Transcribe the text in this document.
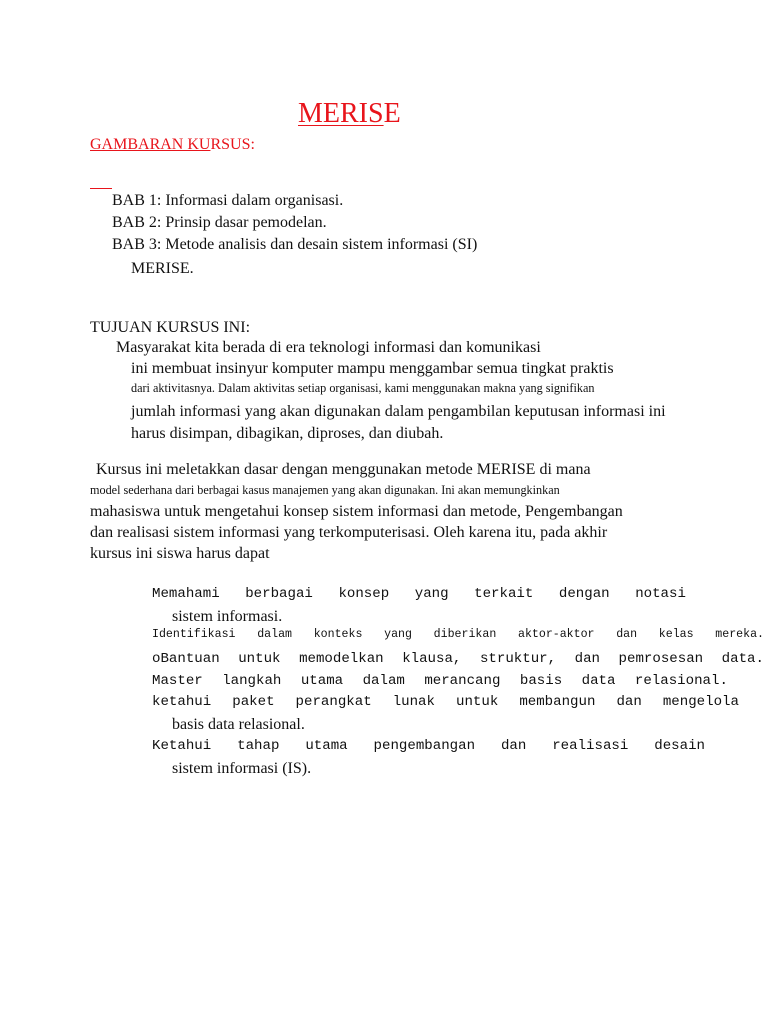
MERISE
GAMBARAN KURSUS:
BAB 1: Informasi dalam organisasi.
BAB 2: Prinsip dasar pemodelan.
BAB 3: Metode analisis dan desain sistem informasi (SI)
MERISE.
TUJUAN KURSUS INI:
Masyarakat kita berada di era teknologi informasi dan komunikasi
ini membuat insinyur komputer mampu menggambar semua tingkat praktis
dari aktivitasnya. Dalam aktivitas setiap organisasi, kami menggunakan makna yang signifikan
jumlah informasi yang akan digunakan dalam pengambilan keputusan informasi ini
harus disimpan, dibagikan, diproses, dan diubah.
Kursus ini meletakkan dasar dengan menggunakan metode MERISE di mana
model sederhana dari berbagai kasus manajemen yang akan digunakan. Ini akan memungkinkan
mahasiswa untuk mengetahui konsep sistem informasi dan metode, Pengembangan
dan realisasi sistem informasi yang terkomputerisasi. Oleh karena itu, pada akhir
kursus ini siswa harus dapat
Memahami berbagai konsep yang terkait dengan notasi
sistem informasi.
Identifikasi dalam konteks yang diberikan aktor-aktor dan kelas mereka.
oBantuan untuk memodelkan klausa, struktur, dan pemrosesan data.
Master langkah utama dalam merancang basis data relasional.
ketahui paket perangkat lunak untuk membangun dan mengelola
basis data relasional.
Ketahui tahap utama pengembangan dan realisasi desain
sistem informasi (IS).
